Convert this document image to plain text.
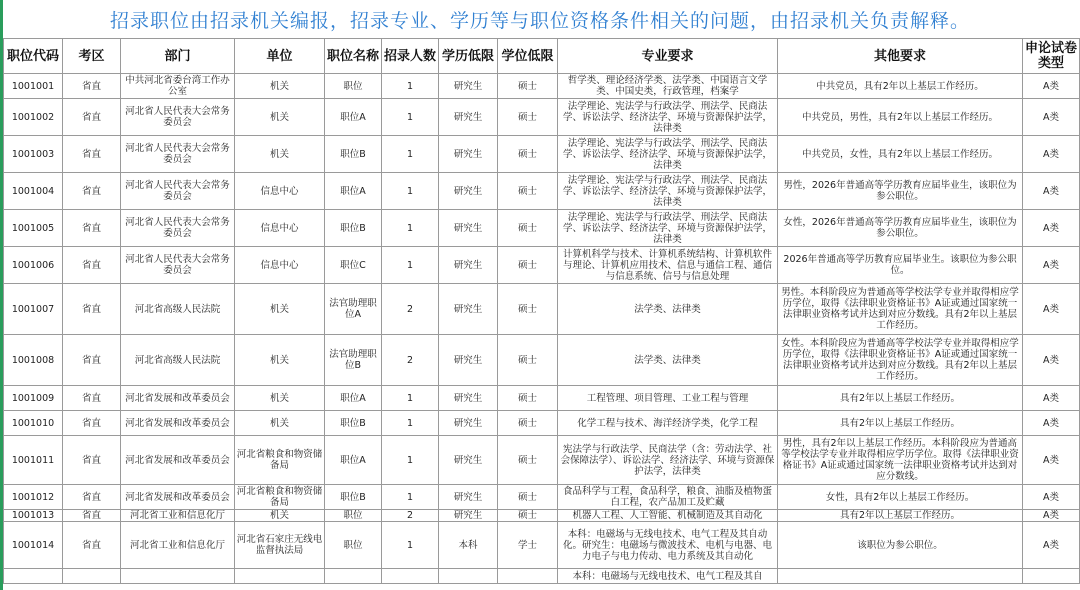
招录职位由招录机关编报，招录专业、学历等与职位资格条件相关的问题，由招录机关负责解释。
职位代码	考区	部门	单位	职位名称	招录人数	学历低限	学位低限	专业要求	其他要求	申论试卷类型
1001001	省直	中共河北省委台湾工作办公室	机关	职位	1	研究生	硕士	哲学类、理论经济学类、法学类、中国语言文学类、中国史类，行政管理，档案学	中共党员，具有2年以上基层工作经历。	A类
1001002	省直	河北省人民代表大会常务委员会	机关	职位A	1	研究生	硕士	法学理论、宪法学与行政法学、刑法学、民商法学、诉讼法学、经济法学、环境与资源保护法学，法律类	中共党员，男性，具有2年以上基层工作经历。	A类
1001003	省直	河北省人民代表大会常务委员会	机关	职位B	1	研究生	硕士	法学理论、宪法学与行政法学、刑法学、民商法学、诉讼法学、经济法学、环境与资源保护法学，法律类	中共党员，女性，具有2年以上基层工作经历。	A类
1001004	省直	河北省人民代表大会常务委员会	信息中心	职位A	1	研究生	硕士	法学理论、宪法学与行政法学、刑法学、民商法学、诉讼法学、经济法学、环境与资源保护法学，法律类	男性，2026年普通高等学历教育应届毕业生，该职位为参公职位。	A类
1001005	省直	河北省人民代表大会常务委员会	信息中心	职位B	1	研究生	硕士	法学理论、宪法学与行政法学、刑法学、民商法学、诉讼法学、经济法学、环境与资源保护法学，法律类	女性，2026年普通高等学历教育应届毕业生，该职位为参公职位。	A类
1001006	省直	河北省人民代表大会常务委员会	信息中心	职位C	1	研究生	硕士	计算机科学与技术、计算机系统结构、计算机软件与理论、计算机应用技术、信息与通信工程、通信与信息系统、信号与信息处理	2026年普通高等学历教育应届毕业生。该职位为参公职位。	A类
1001007	省直	河北省高级人民法院	机关	法官助理职位A	2	研究生	硕士	法学类、法律类	男性。本科阶段应为普通高等学校法学专业并取得相应学历学位，取得《法律职业资格证书》A证或通过国家统一法律职业资格考试并达到对应分数线。具有2年以上基层工作经历。	A类
1001008	省直	河北省高级人民法院	机关	法官助理职位B	2	研究生	硕士	法学类、法律类	女性。本科阶段应为普通高等学校法学专业并取得相应学历学位，取得《法律职业资格证书》A证或通过国家统一法律职业资格考试并达到对应分数线。具有2年以上基层工作经历。	A类
1001009	省直	河北省发展和改革委员会	机关	职位A	1	研究生	硕士	工程管理、项目管理、工业工程与管理	具有2年以上基层工作经历。	A类
1001010	省直	河北省发展和改革委员会	机关	职位B	1	研究生	硕士	化学工程与技术、海洋经济学类，化学工程	具有2年以上基层工作经历。	A类
1001011	省直	河北省发展和改革委员会	河北省粮食和物资储备局	职位A	1	研究生	硕士	宪法学与行政法学、民商法学（含：劳动法学、社会保障法学）、诉讼法学、经济法学、环境与资源保护法学，法律类	男性，具有2年以上基层工作经历。本科阶段应为普通高等学校法学专业并取得相应学历学位。取得《法律职业资格证书》A证或通过国家统一法律职业资格考试并达到对应分数线。	A类
1001012	省直	河北省发展和改革委员会	河北省粮食和物资储备局	职位B	1	研究生	硕士	食品科学与工程，食品科学，粮食、油脂及植物蛋白工程，农产品加工及贮藏	女性，具有2年以上基层工作经历。	A类
1001013	省直	河北省工业和信息化厅	机关	职位	2	研究生	硕士	机器人工程、人工智能、机械制造及其自动化	具有2年以上基层工作经历。	A类
1001014	省直	河北省工业和信息化厅	河北省石家庄无线电监督执法局	职位	1	本科	学士	本科：电磁场与无线电技术、电气工程及其自动化。研究生：电磁场与微波技术、电机与电器、电力电子与电力传动、电力系统及其自动化	该职位为参公职位。	A类
								本科：电磁场与无线电技术、电气工程及其自		
